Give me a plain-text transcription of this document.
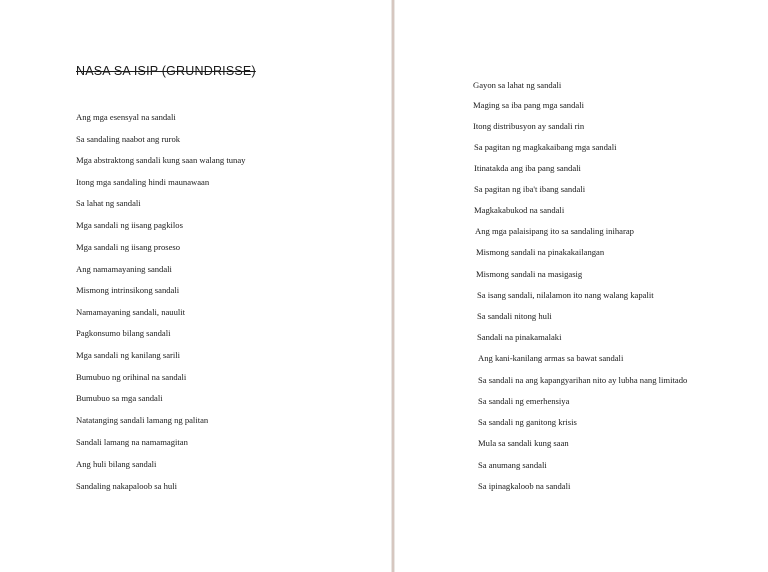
NASA SA ISIP (GRUNDRISSE)
Ang mga esensyal na sandali
Sa sandaling naabot ang rurok
Mga abstraktong sandali kung saan walang tunay
Itong mga sandaling hindi maunawaan
Sa lahat ng sandali
Mga sandali ng iisang pagkilos
Mga sandali ng iisang proseso
Ang namamayaning sandali
Mismong intrinsikong sandali
Namamayaning sandali, nauulit
Pagkonsumo bilang sandali
Mga sandali ng kanilang sarili
Bumubuo ng orihinal na sandali
Bumubuo sa mga sandali
Natatanging sandali lamang ng palitan
Sandali lamang na namamagitan
Ang huli bilang sandali
Sandaling nakapaloob sa huli
Gayon sa lahat ng sandali
Maging sa iba pang mga sandali
Itong distribusyon ay sandali rin
Sa pagitan ng magkakaibang mga sandali
Itinatakda ang iba pang sandali
Sa pagitan ng iba't ibang sandali
Magkakabukod na sandali
Ang mga palaisipang ito sa sandaling iniharap
Mismong sandali na pinakakailangan
Mismong sandali na masigasig
Sa isang sandali, nilalamon ito nang walang kapalit
Sa sandali nitong huli
Sandali na pinakamalaki
Ang kani-kanilang armas sa bawat sandali
Sa sandali na ang kapangyarihan nito ay lubha nang limitado
Sa sandali ng emerhensiya
Sa sandali ng ganitong krisis
Mula sa sandali kung saan
Sa anumang sandali
Sa ipinagkaloob na sandali
